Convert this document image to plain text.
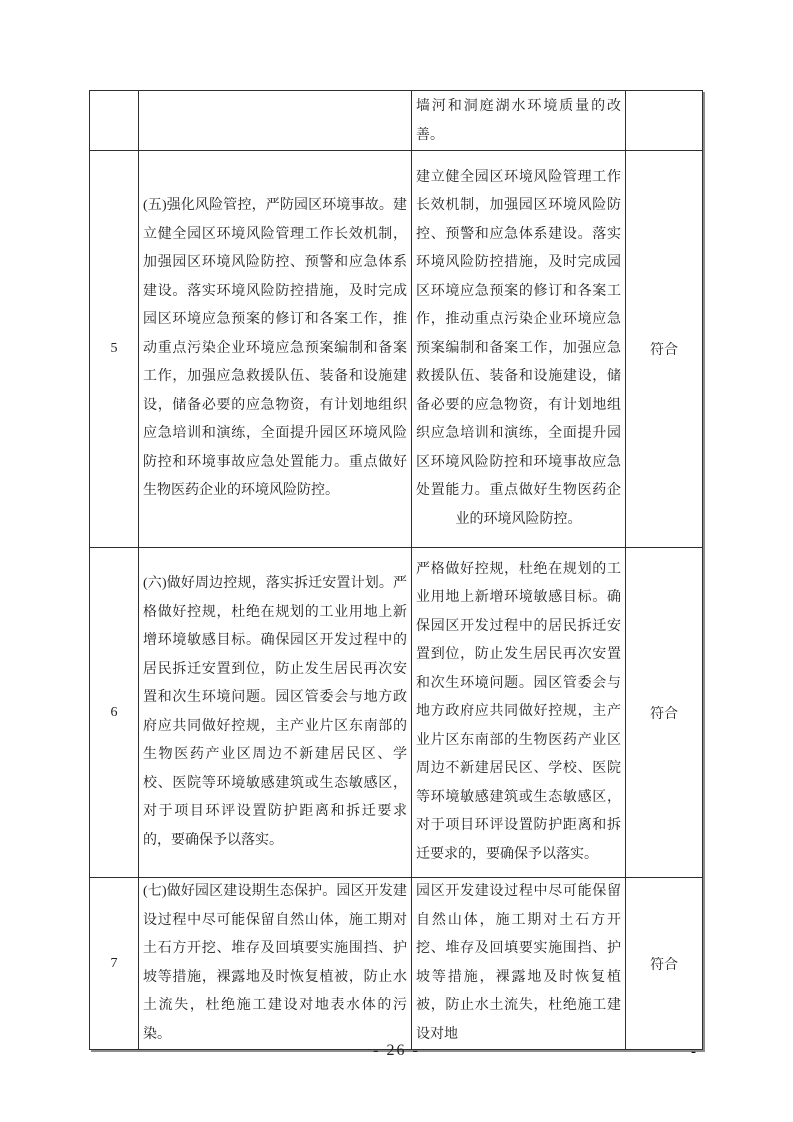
		墙河和洞庭湖水环境质量的改善。	

5	(五)强化风险管控，严防园区环境事故。建立健全园区环境风险管理工作长效机制，加强园区环境风险防控、预警和应急体系建设。落实环境风险防控措施，及时完成园区环境应急预案的修订和各案工作，推动重点污染企业环境应急预案编制和备案工作，加强应急救援队伍、装备和设施建设，储备必要的应急物资，有计划地组织应急培训和演练，全面提升园区环境风险防控和环境事故应急处置能力。重点做好生物医药企业的环境风险防控。	建立健全园区环境风险管理工作长效机制，加强园区环境风险防控、预警和应急体系建设。落实环境风险防控措施，及时完成园区环境应急预案的修订和各案工作，推动重点污染企业环境应急预案编制和备案工作，加强应急救援队伍、装备和设施建设，储备必要的应急物资，有计划地组织应急培训和演练，全面提升园区环境风险防控和环境事故应急处置能力。重点做好生物医药企业的环境风险防控。	符合
6	(六)做好周边控规，落实拆迁安置计划。严格做好控规，杜绝在规划的工业用地上新增环境敏感目标。确保园区开发过程中的居民拆迁安置到位，防止发生居民再次安置和次生环境问题。园区管委会与地方政府应共同做好控规，主产业片区东南部的生物医药产业区周边不新建居民区、学校、医院等环境敏感建筑或生态敏感区，对于项目环评设置防护距离和拆迁要求的，要确保予以落实。	严格做好控规，杜绝在规划的工业用地上新增环境敏感目标。确保园区开发过程中的居民拆迁安置到位，防止发生居民再次安置和次生环境问题。园区管委会与地方政府应共同做好控规，主产业片区东南部的生物医药产业区周边不新建居民区、学校、医院等环境敏感建筑或生态敏感区，对于项目环评设置防护距离和拆迁要求的，要确保予以落实。	符合
7	(七)做好园区建设期生态保护。园区开发建设过程中尽可能保留自然山体，施工期对土石方开挖、堆存及回填要实施围挡、护坡等措施，裸露地及时恢复植被，防止水土流失，杜绝施工建设对地表水体的污染。	园区开发建设过程中尽可能保留自然山体，施工期对土石方开挖、堆存及回填要实施围挡、护坡等措施，裸露地及时恢复植被，防止水土流失，杜绝施工建设对地	符合
- 26 -	-
